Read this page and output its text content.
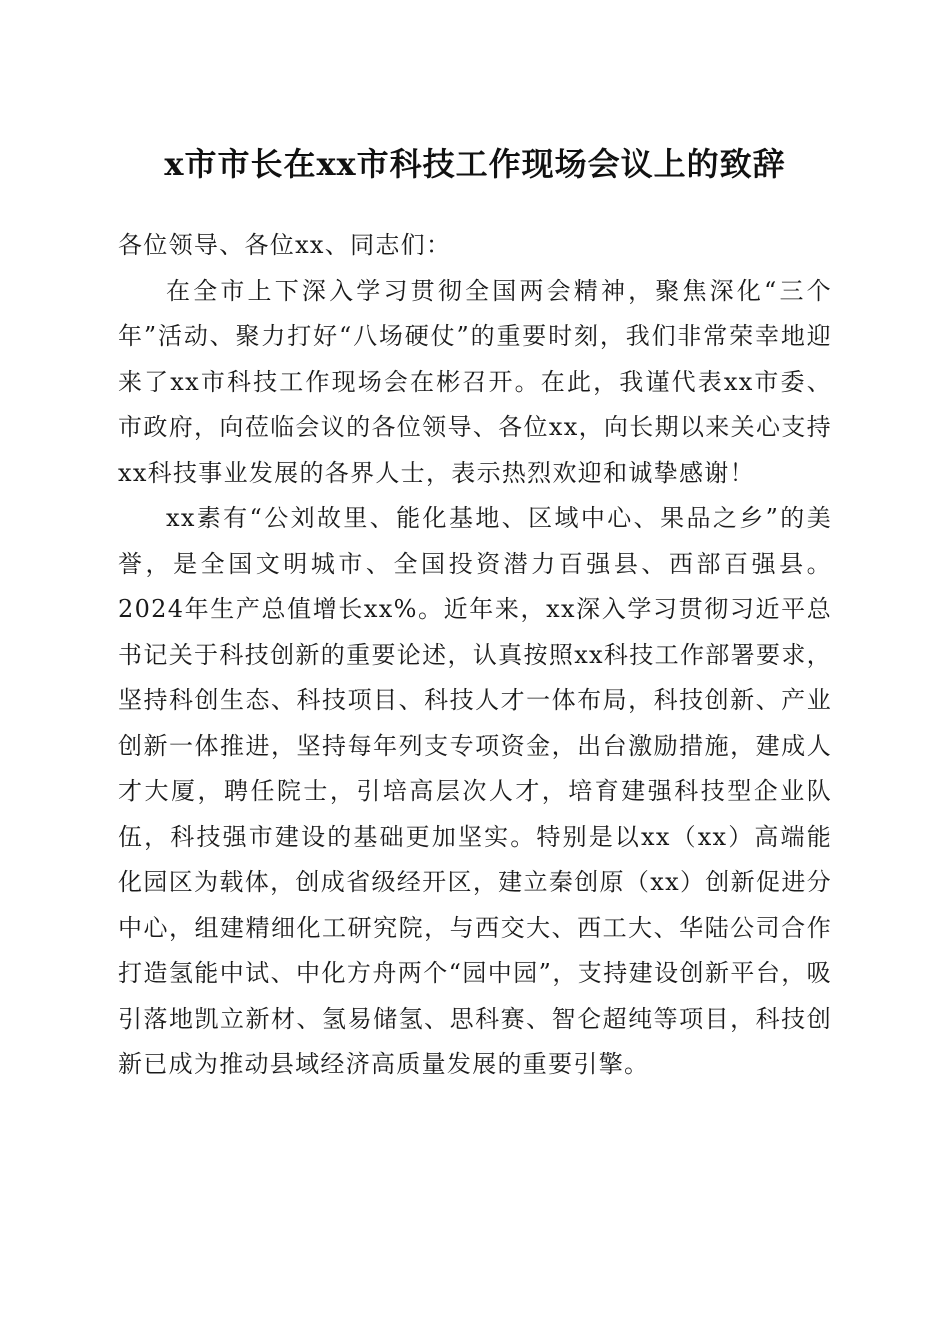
x市市长在xx市科技工作现场会议上的致辞

各位领导、各位xx、同志们：

在全市上下深入学习贯彻全国两会精神，聚焦深化“三个年”活动、聚力打好“八场硬仗”的重要时刻，我们非常荣幸地迎来了xx市科技工作现场会在彬召开。在此，我谨代表xx市委、市政府，向莅临会议的各位领导、各位xx，向长期以来关心支持xx科技事业发展的各界人士，表示热烈欢迎和诚挚感谢！

xx素有“公刘故里、能化基地、区域中心、果品之乡”的美誉，是全国文明城市、全国投资潜力百强县、西部百强县。2024年生产总值增长xx%。近年来，xx深入学习贯彻习近平总书记关于科技创新的重要论述，认真按照xx科技工作部署要求，坚持科创生态、科技项目、科技人才一体布局，科技创新、产业创新一体推进，坚持每年列支专项资金，出台激励措施，建成人才大厦，聘任院士，引培高层次人才，培育建强科技型企业队伍，科技强市建设的基础更加坚实。特别是以xx（xx）高端能化园区为载体，创成省级经开区，建立秦创原（xx）创新促进分中心，组建精细化工研究院，与西交大、西工大、华陆公司合作打造氢能中试、中化方舟两个“园中园”，支持建设创新平台，吸引落地凯立新材、氢易储氢、思科赛、智仑超纯等项目，科技创新已成为推动县域经济高质量发展的重要引擎。
